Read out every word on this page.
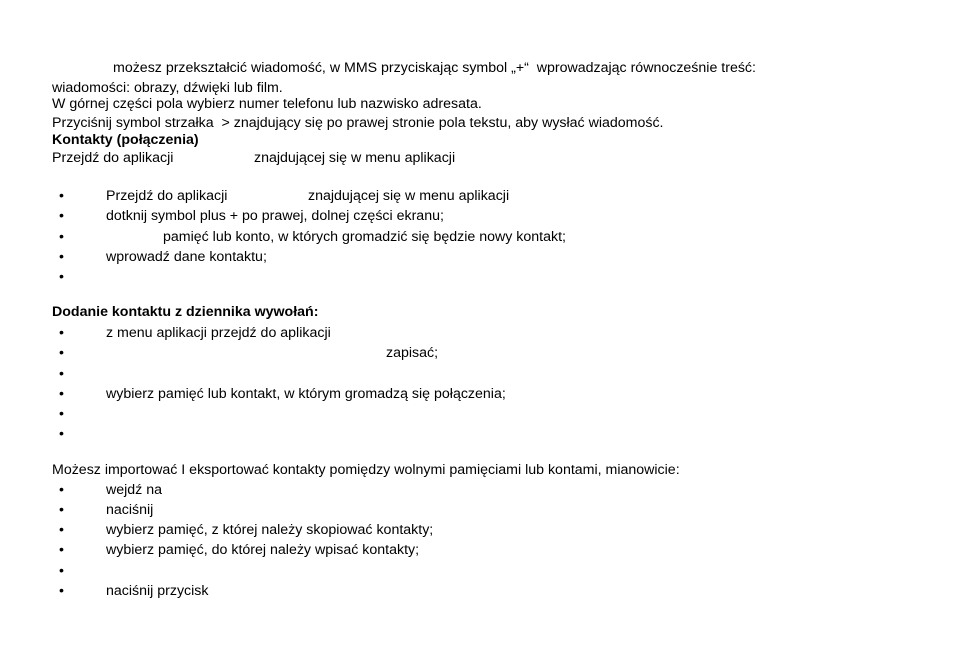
możesz przekształcić wiadomość, w MMS przyciskając symbol „+“  wprowadzając równocześnie treść:
wiadomości: obrazy, dźwięki lub film.
W górnej części pola wybierz numer telefonu lub nazwisko adresata.
Przyciśnij symbol strzałka  > znajdujący się po prawej stronie pola tekstu, aby wysłać wiadomość.
Kontakty (połączenia)
Przejdź do aplikacji	znajdującej się w menu aplikacji
•	Przejdź do aplikacji	znajdującej się w menu aplikacji
•	dotknij symbol plus + po prawej, dolnej części ekranu;
•	pamięć lub konto, w których gromadzić się będzie nowy kontakt;
•	wprowadź dane kontaktu;
•
Dodanie kontaktu z dziennika wywołań:
•	z menu aplikacji przejdź do aplikacji
•	zapisać;
•
•	wybierz pamięć lub kontakt, w którym gromadzą się połączenia;
•
•
Możesz importować I eksportować kontakty pomiędzy wolnymi pamięciami lub kontami, mianowicie:
•	wejdź na
•	naciśnij
•	wybierz pamięć, z której należy skopiować kontakty;
•	wybierz pamięć, do której należy wpisać kontakty;
•
•	naciśnij przycisk
